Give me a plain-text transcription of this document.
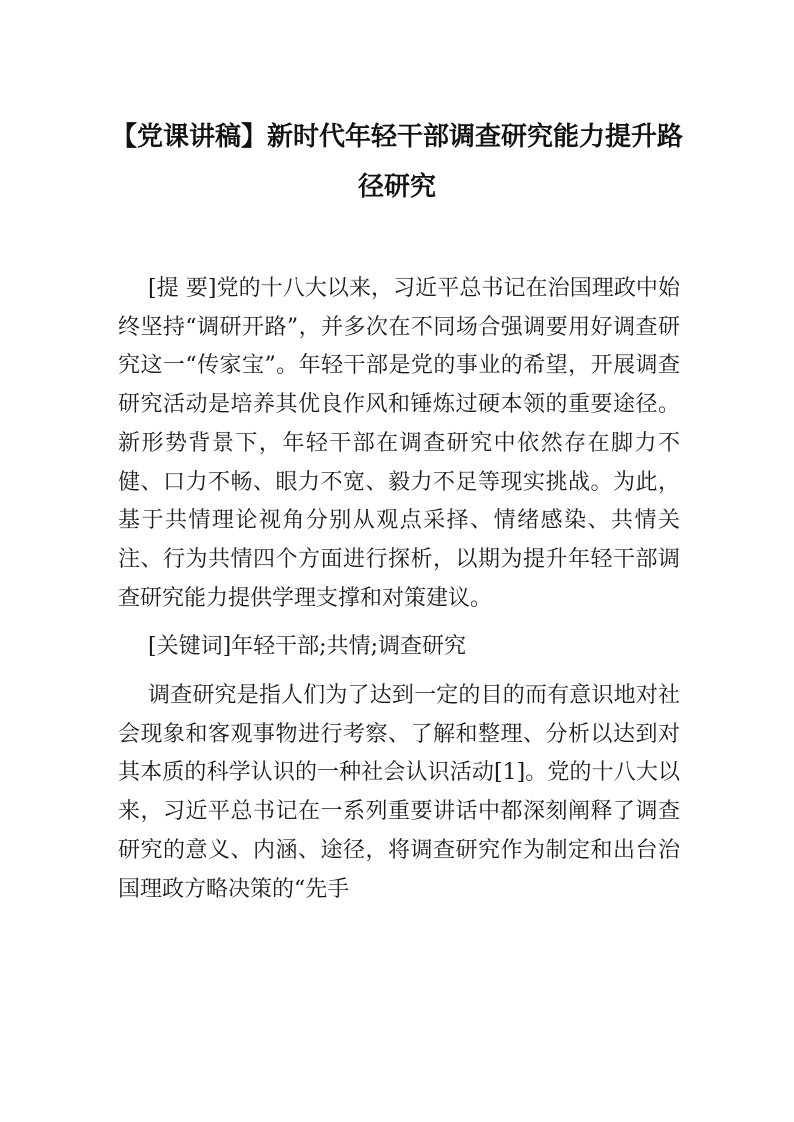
【党课讲稿】新时代年轻干部调查研究能力提升路径研究

[提 要]党的十八大以来，习近平总书记在治国理政中始终坚持“调研开路”，并多次在不同场合强调要用好调查研究这一“传家宝”。年轻干部是党的事业的希望，开展调查研究活动是培养其优良作风和锤炼过硬本领的重要途径。新形势背景下，年轻干部在调查研究中依然存在脚力不健、口力不畅、眼力不宽、毅力不足等现实挑战。为此，基于共情理论视角分别从观点采择、情绪感染、共情关注、行为共情四个方面进行探析，以期为提升年轻干部调查研究能力提供学理支撑和对策建议。

[关键词]年轻干部;共情;调查研究

调查研究是指人们为了达到一定的目的而有意识地对社会现象和客观事物进行考察、了解和整理、分析以达到对其本质的科学认识的一种社会认识活动[1]。党的十八大以来，习近平总书记在一系列重要讲话中都深刻阐释了调查研究的意义、内涵、途径，将调查研究作为制定和出台治国理政方略决策的“先手
